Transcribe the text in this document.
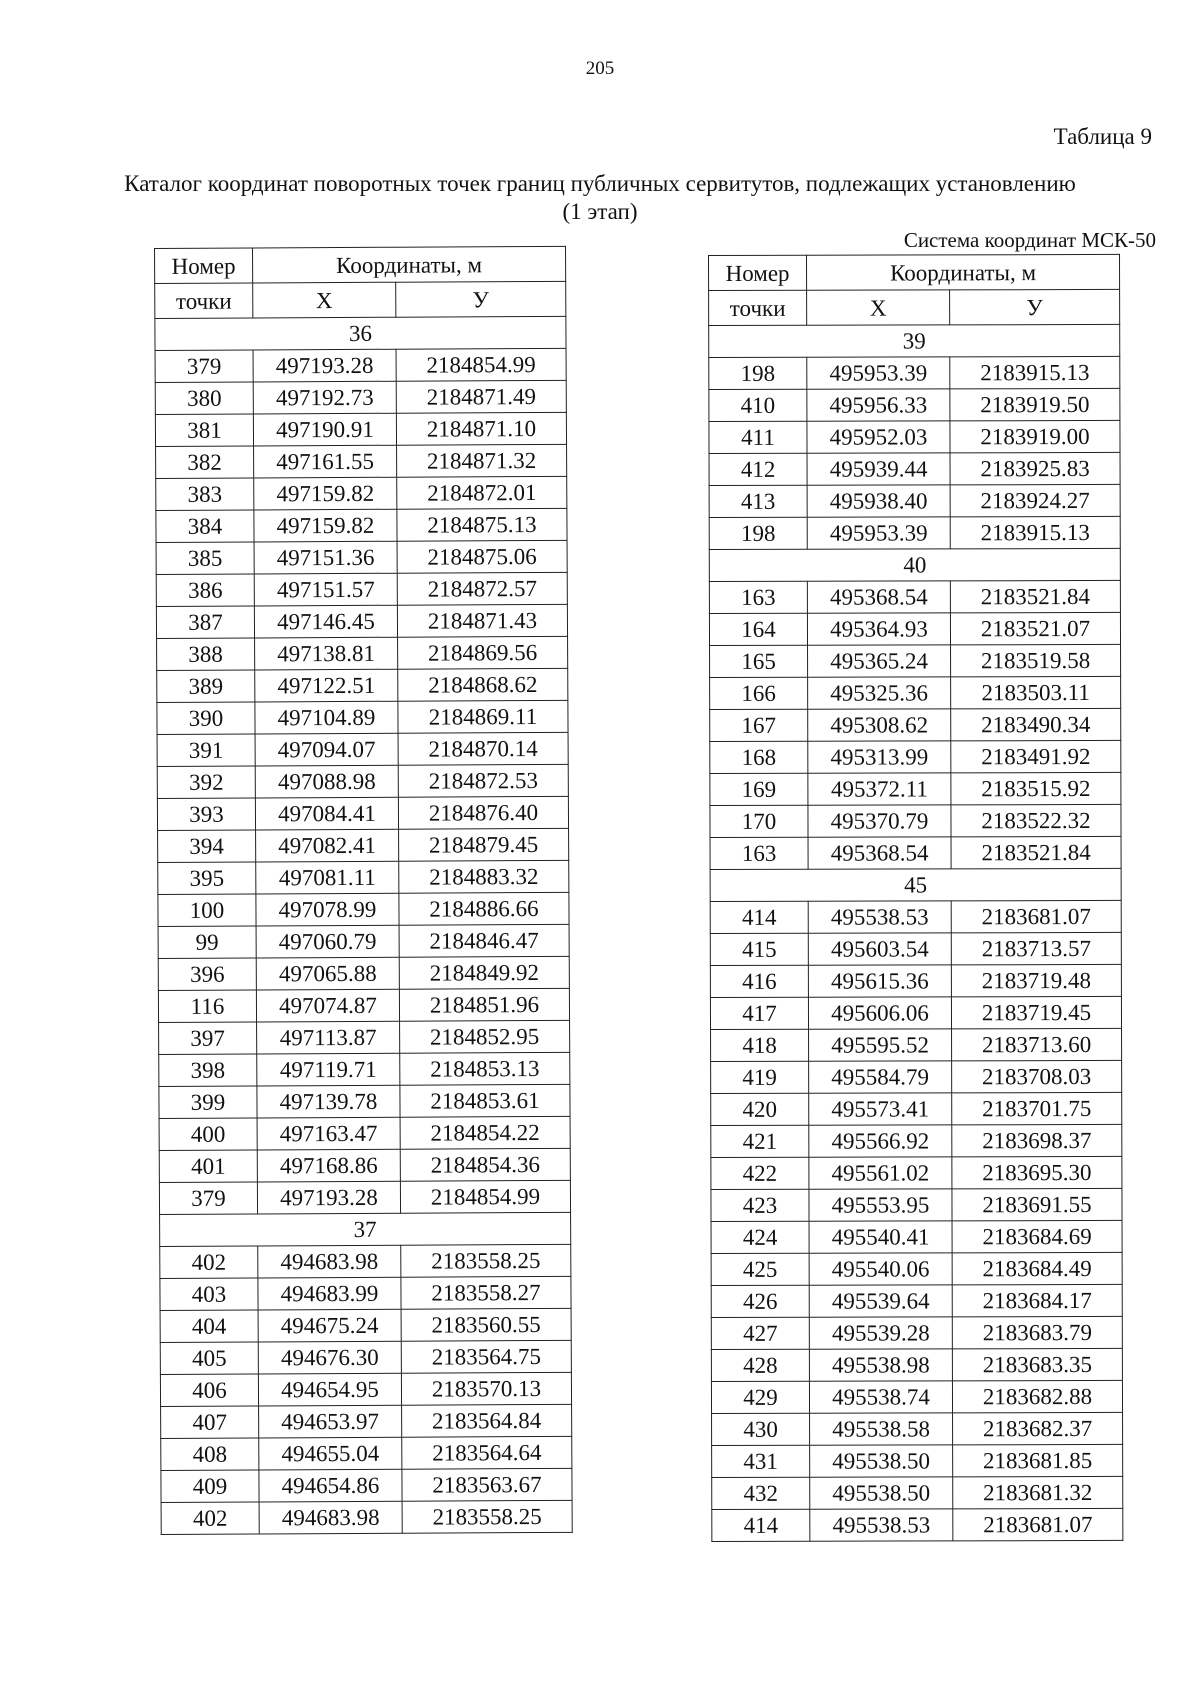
205
Таблица 9
Каталог координат поворотных точек границ публичных сервитутов, подлежащих установлению
(1 этап)
Система координат МСК-50
Номер	Координаты, м	
точки	X	У
36		
379	497193.28	2184854.99
380	497192.73	2184871.49
381	497190.91	2184871.10
382	497161.55	2184871.32
383	497159.82	2184872.01
384	497159.82	2184875.13
385	497151.36	2184875.06
386	497151.57	2184872.57
387	497146.45	2184871.43
388	497138.81	2184869.56
389	497122.51	2184868.62
390	497104.89	2184869.11
391	497094.07	2184870.14
392	497088.98	2184872.53
393	497084.41	2184876.40
394	497082.41	2184879.45
395	497081.11	2184883.32
100	497078.99	2184886.66
99	497060.79	2184846.47
396	497065.88	2184849.92
116	497074.87	2184851.96
397	497113.87	2184852.95
398	497119.71	2184853.13
399	497139.78	2184853.61
400	497163.47	2184854.22
401	497168.86	2184854.36
379	497193.28	2184854.99
37		
402	494683.98	2183558.25
403	494683.99	2183558.27
404	494675.24	2183560.55
405	494676.30	2183564.75
406	494654.95	2183570.13
407	494653.97	2183564.84
408	494655.04	2183564.64
409	494654.86	2183563.67
402	494683.98	2183558.25
Номер	Координаты, м	
точки	X	У
39		
198	495953.39	2183915.13
410	495956.33	2183919.50
411	495952.03	2183919.00
412	495939.44	2183925.83
413	495938.40	2183924.27
198	495953.39	2183915.13
40		
163	495368.54	2183521.84
164	495364.93	2183521.07
165	495365.24	2183519.58
166	495325.36	2183503.11
167	495308.62	2183490.34
168	495313.99	2183491.92
169	495372.11	2183515.92
170	495370.79	2183522.32
163	495368.54	2183521.84
45		
414	495538.53	2183681.07
415	495603.54	2183713.57
416	495615.36	2183719.48
417	495606.06	2183719.45
418	495595.52	2183713.60
419	495584.79	2183708.03
420	495573.41	2183701.75
421	495566.92	2183698.37
422	495561.02	2183695.30
423	495553.95	2183691.55
424	495540.41	2183684.69
425	495540.06	2183684.49
426	495539.64	2183684.17
427	495539.28	2183683.79
428	495538.98	2183683.35
429	495538.74	2183682.88
430	495538.58	2183682.37
431	495538.50	2183681.85
432	495538.50	2183681.32
414	495538.53	2183681.07
